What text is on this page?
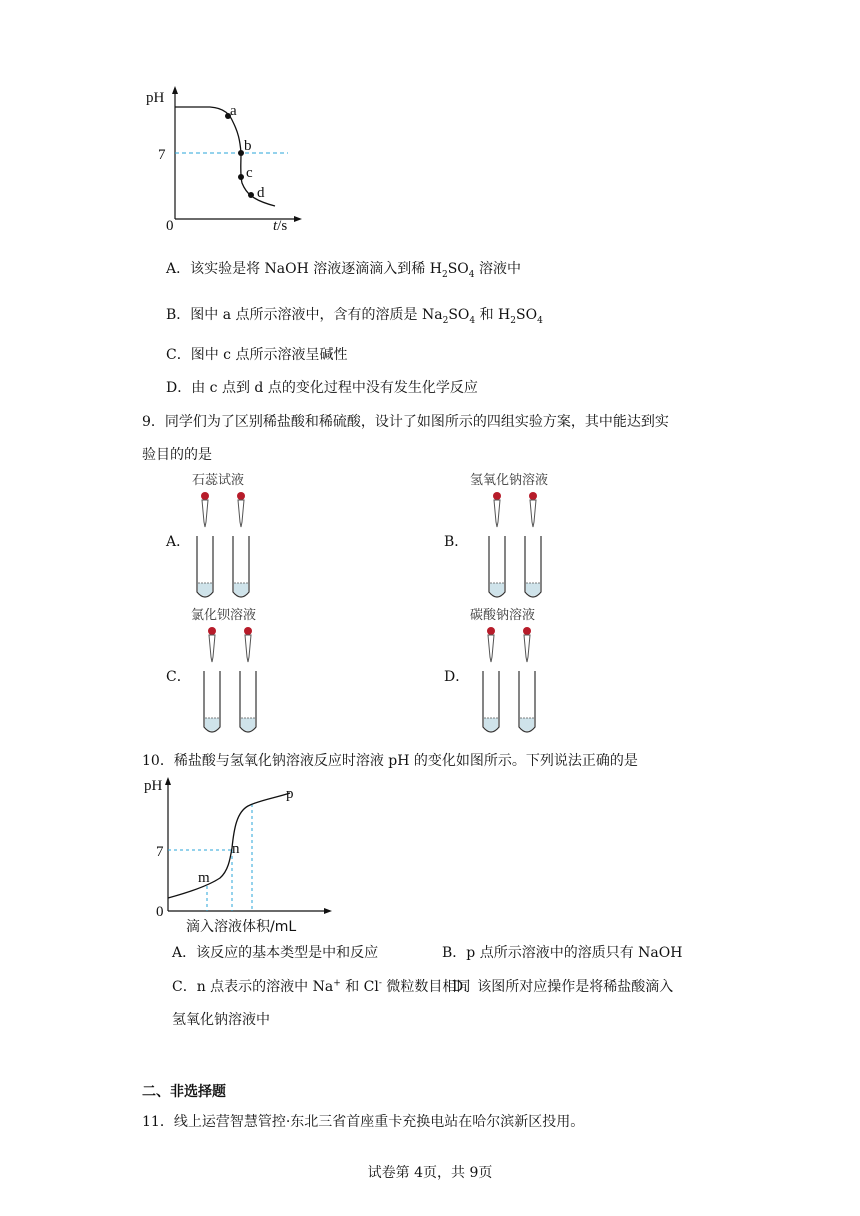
a
b
c
d
pH
7
0	t/s
A．该实验是将 NaOH 溶液逐滴滴入到稀 $H_2SO_4$ 溶液中
B．图中 a 点所示溶液中，含有的溶质是 $Na_2SO_4$ 和 $H_2SO_4$
C．图中 c 点所示溶液呈碱性
D．由 c 点到 d 点的变化过程中没有发生化学反应
9．同学们为了区别稀盐酸和稀硫酸，设计了如图所示的四组实验方案，其中能达到实
验目的的是
A．	B．
C．	D．
石蕊试液	氢氧化钠溶液
氯化钡溶液	碳酸钠溶液
10．稀盐酸与氢氧化钠溶液反应时溶液 pH 的变化如图所示。下列说法正确的是
pH
7
0
m
n
p
滴入溶液体积/mL
A．该反应的基本类型是中和反应	B．p 点所示溶液中的溶质只有 NaOH
C．n 点表示的溶液中 Na+ 和 Cl- 微粒数目相同
D．该图所对应操作是将稀盐酸滴入
氢氧化钠溶液中
二、非选择题
11．线上运营智慧管控·东北三省首座重卡充换电站在哈尔滨新区投用。
试卷第 4页，共 9页
